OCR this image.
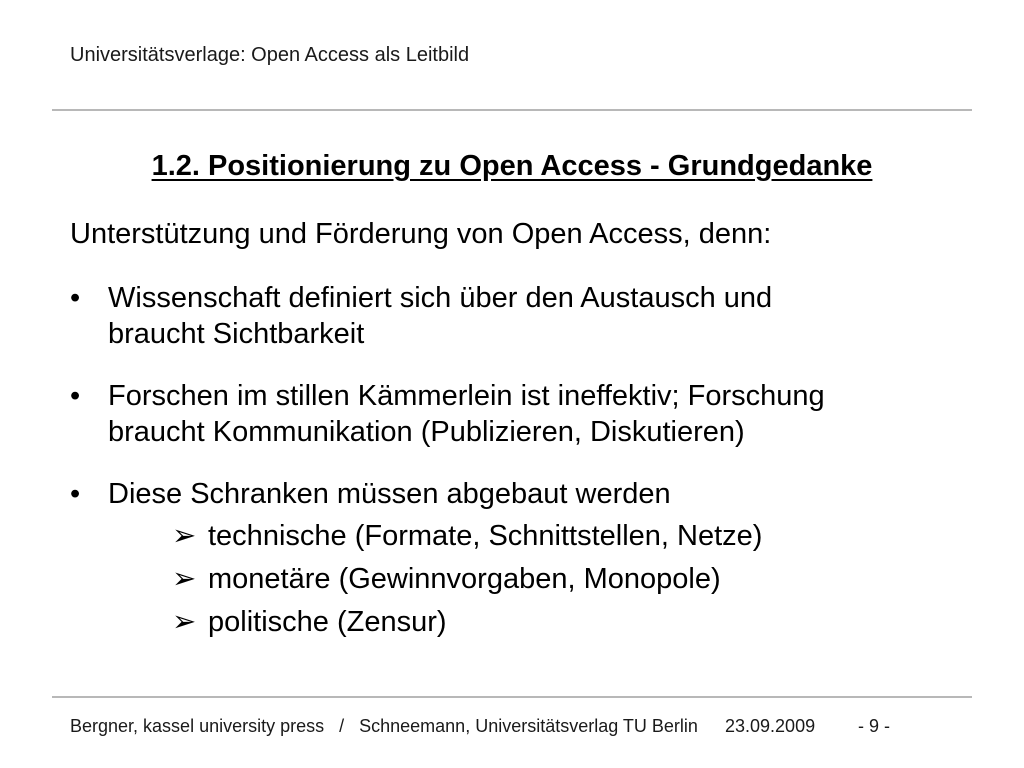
Universitätsverlage: Open Access als Leitbild
1.2. Positionierung zu Open Access - Grundgedanke
Unterstützung und Förderung von Open Access, denn:
• Wissenschaft definiert sich über den Austausch und
braucht Sichtbarkeit
• Forschen im stillen Kämmerlein ist ineffektiv; Forschung
braucht Kommunikation (Publizieren, Diskutieren)
• Diese Schranken müssen abgebaut werden
➢ technische (Formate, Schnittstellen, Netze)
➢ monetäre (Gewinnvorgaben, Monopole)
➢ politische (Zensur)
Bergner, kassel university press   /   Schneemann, Universitätsverlag TU Berlin 23.09.2009 - 9 -
